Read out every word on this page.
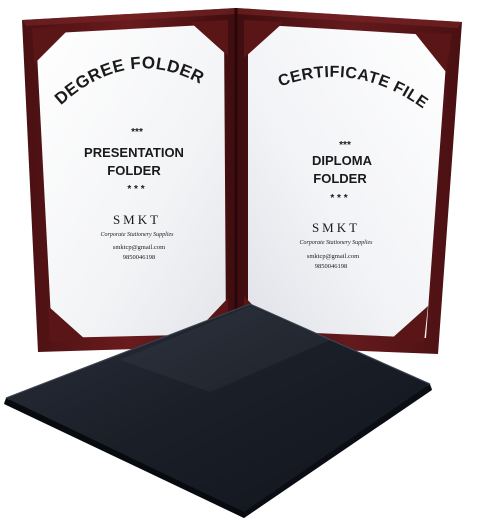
DEGREE FOLDER
***
PRESENTATION
FOLDER
* * *
SMKT
Corporate Stationery Supplies
smktcp@gmail.com
9850046198
CERTIFICATE FILE
***
DIPLOMA
FOLDER
* * *
SMKT
Corporate Stationery Supplies
smktcp@gmail.com
9850046198
